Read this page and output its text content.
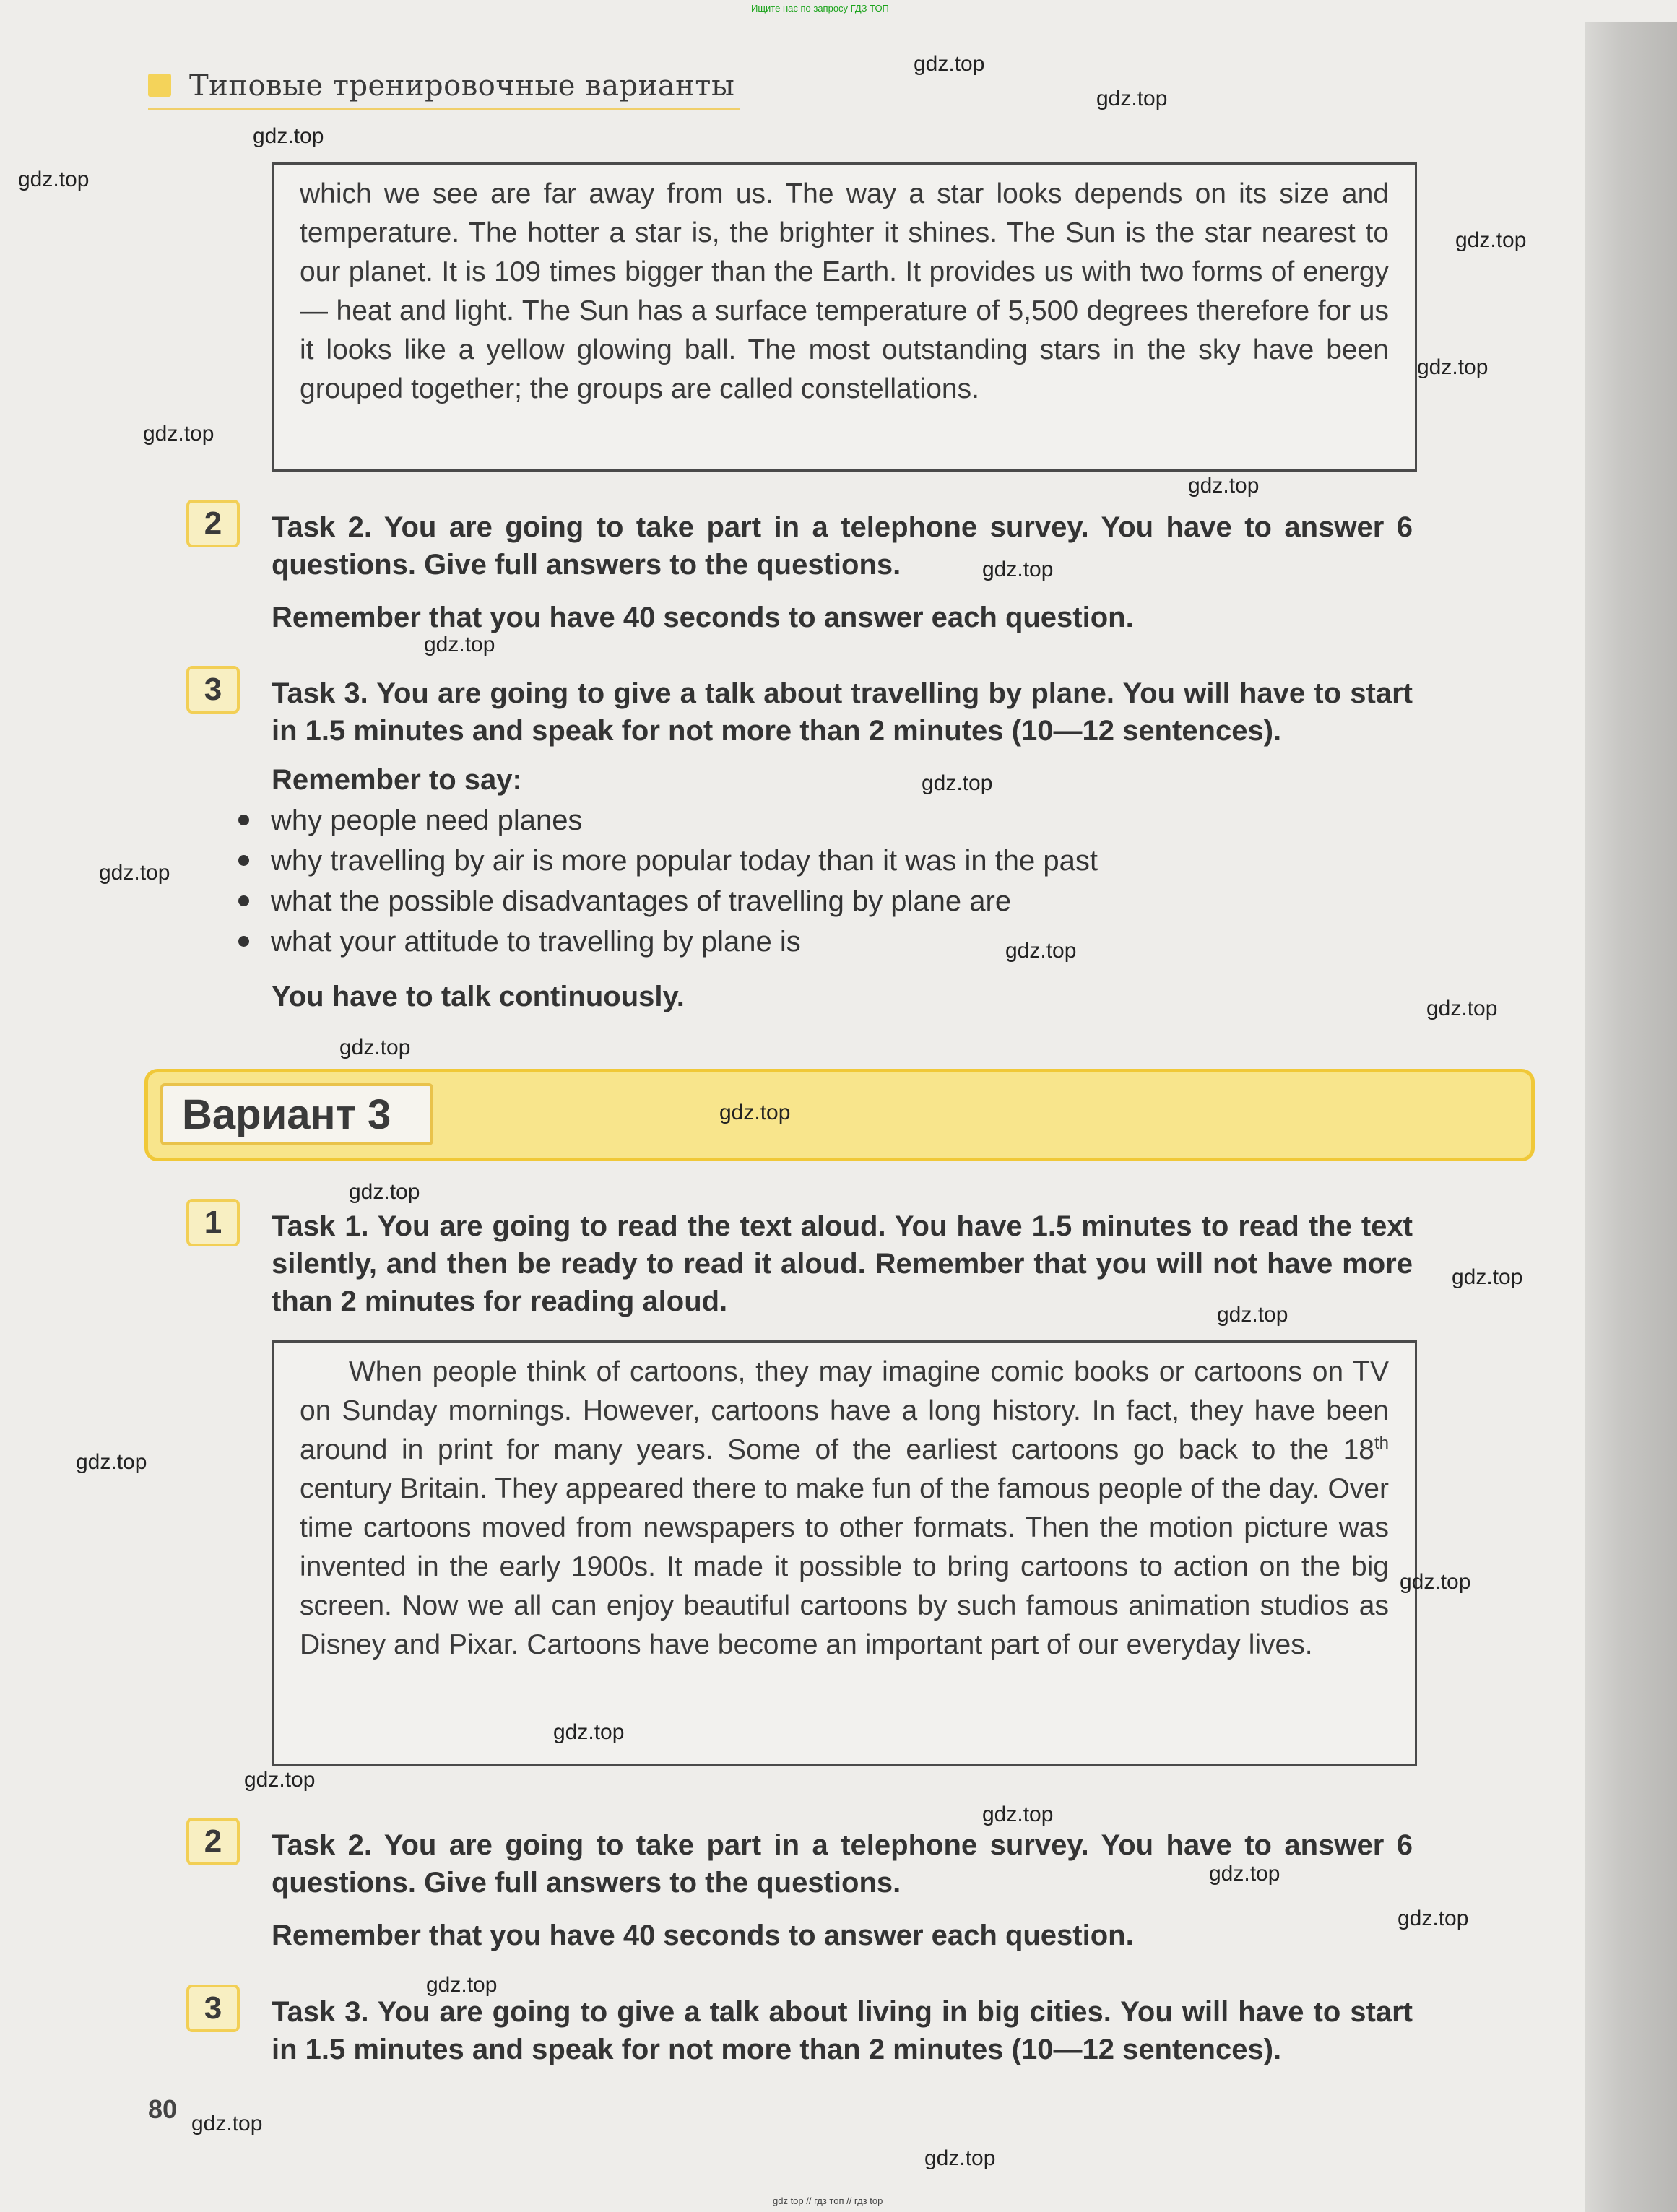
Ищите нас по запросу ГДЗ ТОП
Типовые тренировочные варианты

which we see are far away from us. The way a star looks depends on its size and temperature. The hotter a star is, the brighter it shines. The Sun is the star nearest to our planet. It is 109 times bigger than the Earth. It provides us with two forms of energy — heat and light. The Sun has a surface temperature of 5,500 degrees therefore for us it looks like a yellow glowing ball. The most outstanding stars in the sky have been grouped together; the groups are called constellations.

2	Task 2. You are going to take part in a telephone survey. You have to answer 6 questions. Give full answers to the questions.
Remember that you have 40 seconds to answer each question.
3	Task 3. You are going to give a talk about travelling by plane. You will have to start in 1.5 minutes and speak for not more than 2 minutes (10—12 sentences).
Remember to say:
why people need planes
why travelling by air is more popular today than it was in the past
what the possible disadvantages of travelling by plane are
what your attitude to travelling by plane is
You have to talk continuously.
Вариант 3
1	Task 1. You are going to read the text aloud. You have 1.5 minutes to read the text silently, and then be ready to read it aloud. Remember that you will not have more than 2 minutes for reading aloud.

When people think of cartoons, they may imagine comic books or cartoons on TV on Sunday mornings. However, cartoons have a long history. In fact, they have been around in print for many years. Some of the earliest cartoons go back to the 18th century Britain. They appeared there to make fun of the famous people of the day. Over time cartoons moved from newspapers to other formats. Then the motion picture was invented in the early 1900s. It made it possible to bring cartoons to action on the big screen. Now we all can enjoy beautiful cartoons by such famous animation studios as Disney and Pixar. Cartoons have become an important part of our everyday lives.

2	Task 2. You are going to take part in a telephone survey. You have to answer 6 questions. Give full answers to the questions.
Remember that you have 40 seconds to answer each question.
3	Task 3. You are going to give a talk about living in big cities. You will have to start in 1.5 minutes and speak for not more than 2 minutes (10—12 sentences).
80
gdz.top
gdz.top
gdz.top
gdz.top
gdz.top
gdz.top
gdz.top
gdz.top
gdz.top
gdz.top
gdz.top
gdz.top
gdz.top
gdz.top
gdz.top
gdz.top
gdz.top
gdz.top
gdz.top
gdz.top
gdz.top
gdz.top
gdz.top
gdz.top
gdz.top
gdz.top
gdz.top
gdz.top
gdz.top
gdz top // гдз топ // гдз top
